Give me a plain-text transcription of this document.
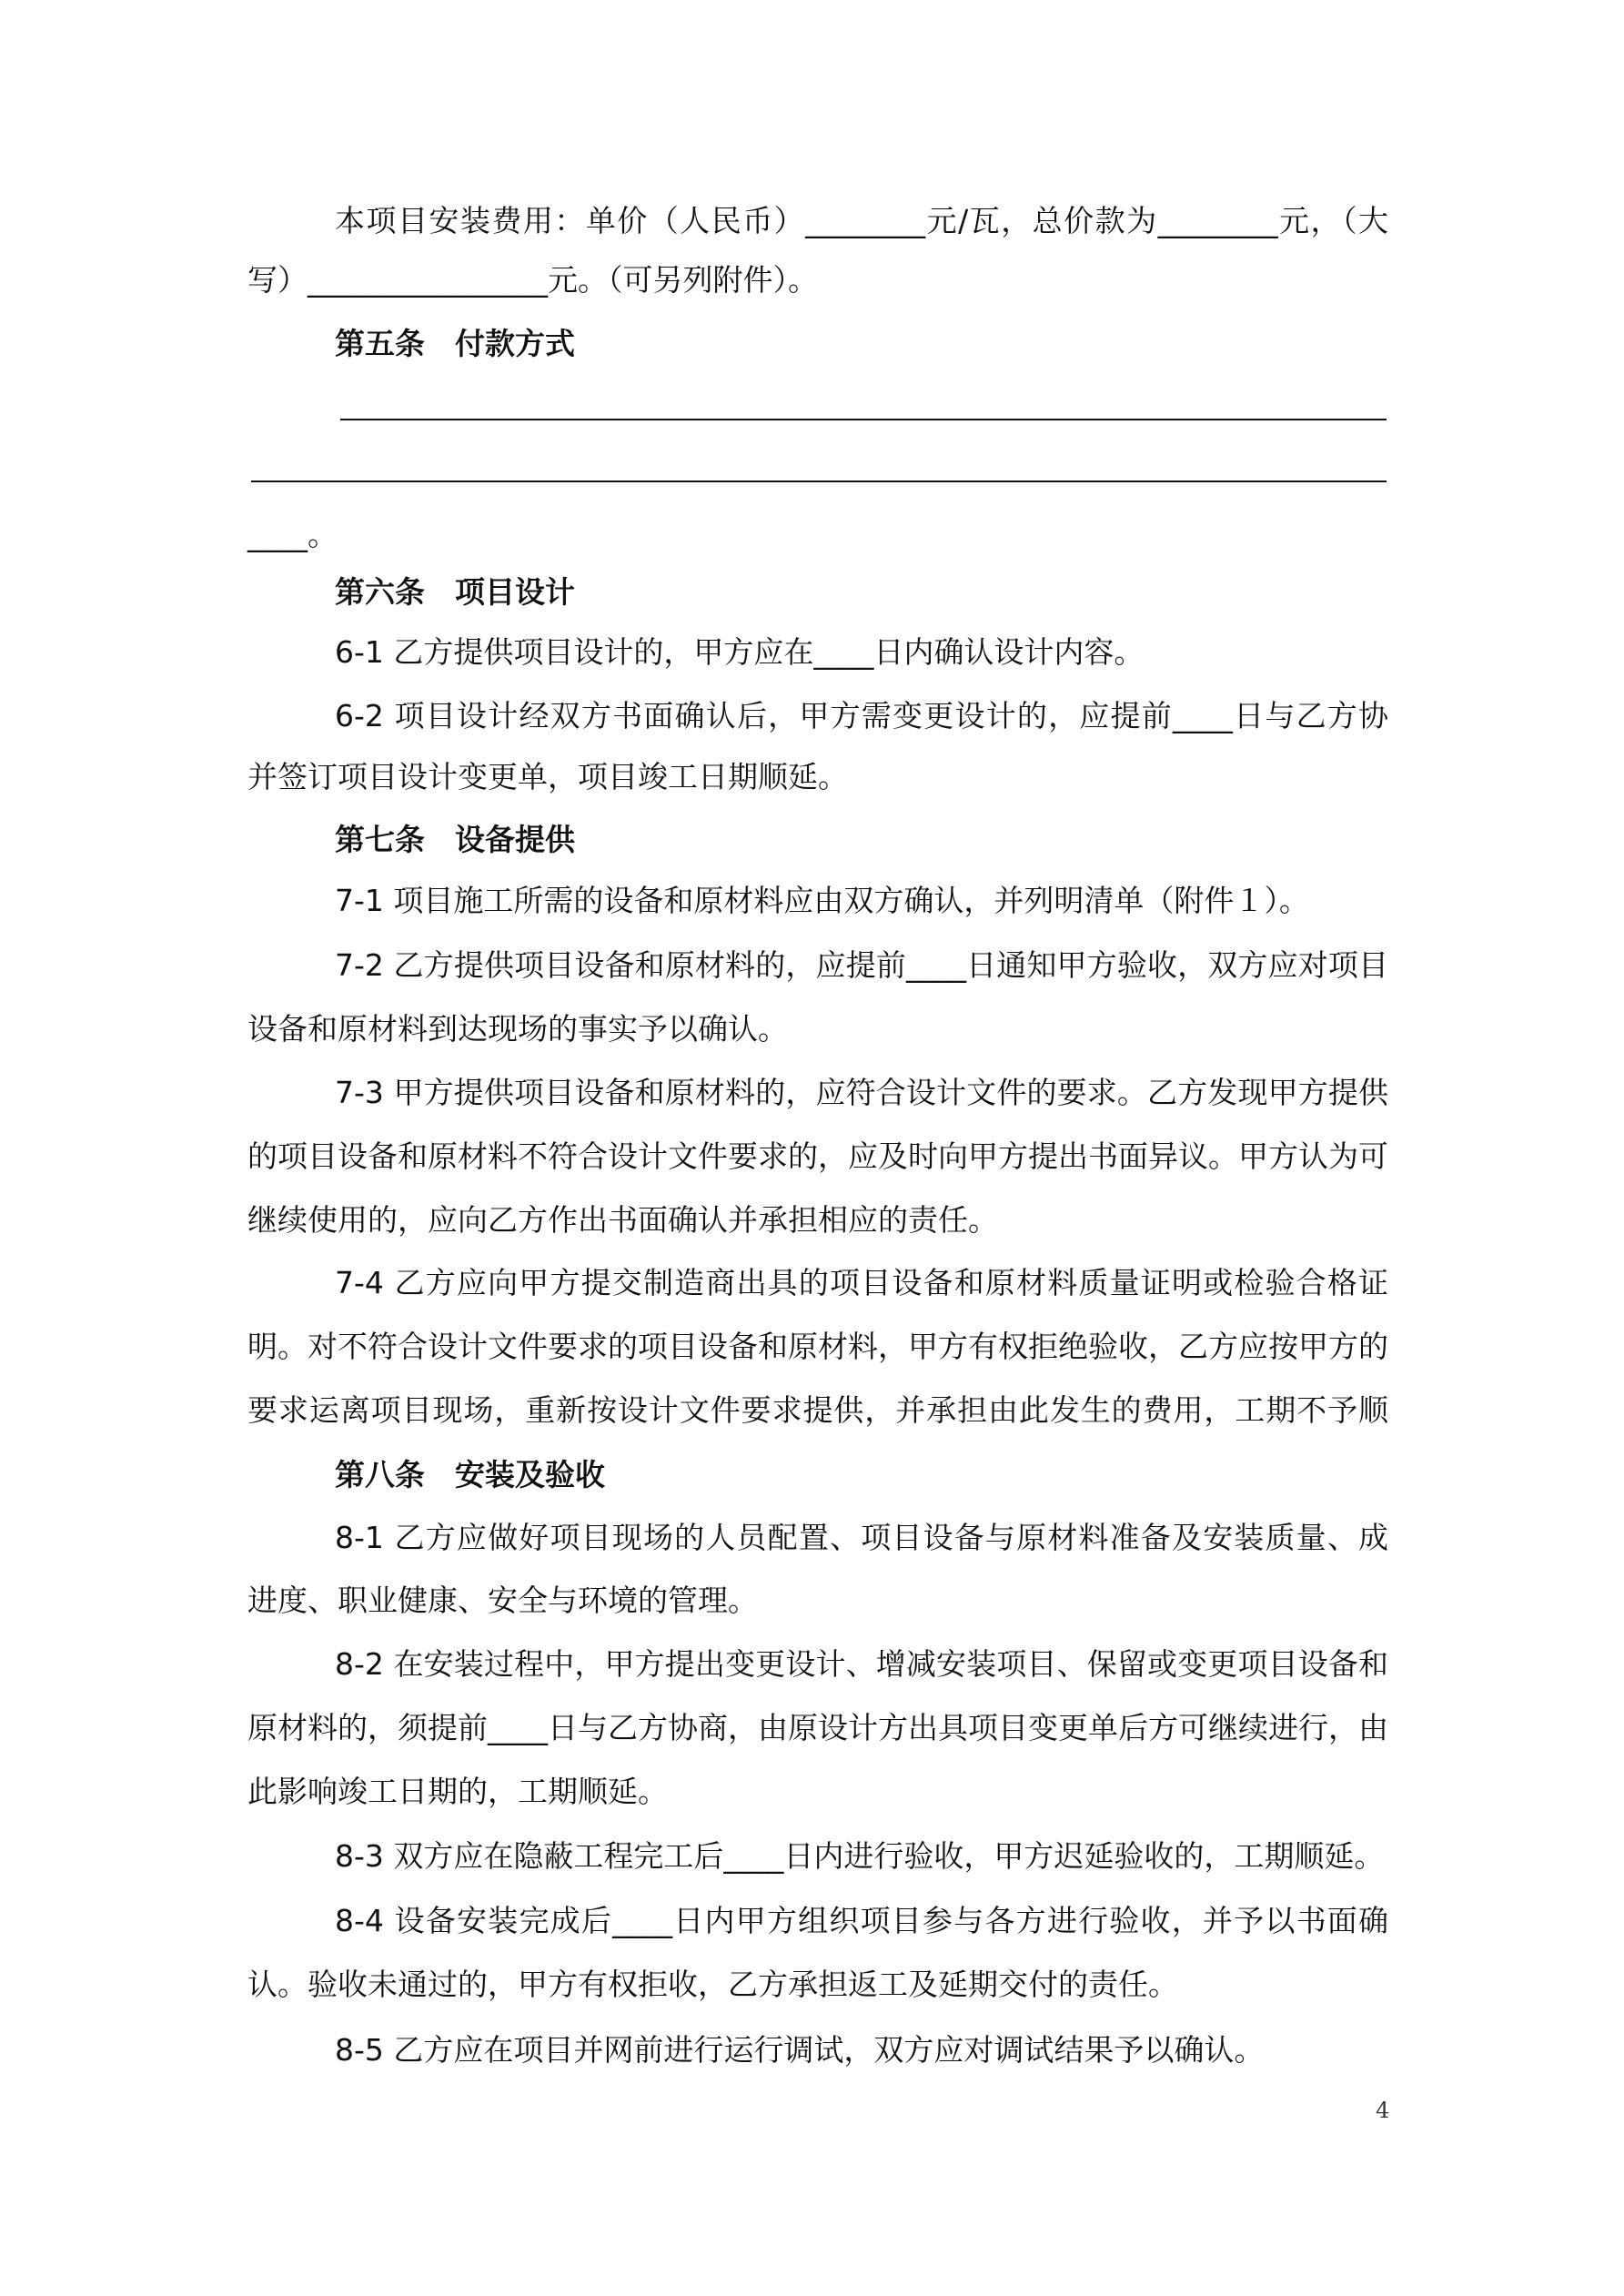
本项目安装费用：单价（人民币）________元/瓦，总价款为________元，（大
写）________________元。（可另列附件）。
第五条　付款方式
____。
第六条　项目设计
6-1 乙方提供项目设计的，甲方应在____日内确认设计内容。
6-2 项目设计经双方书面确认后，甲方需变更设计的，应提前____日与乙方协
并签订项目设计变更单，项目竣工日期顺延。
第七条　设备提供
7-1 项目施工所需的设备和原材料应由双方确认，并列明清单（附件１）。
7-2 乙方提供项目设备和原材料的，应提前____日通知甲方验收，双方应对项目
设备和原材料到达现场的事实予以确认。
7-3 甲方提供项目设备和原材料的，应符合设计文件的要求。乙方发现甲方提供
的项目设备和原材料不符合设计文件要求的，应及时向甲方提出书面异议。甲方认为可
继续使用的，应向乙方作出书面确认并承担相应的责任。
7-4 乙方应向甲方提交制造商出具的项目设备和原材料质量证明或检验合格证
明。对不符合设计文件要求的项目设备和原材料，甲方有权拒绝验收，乙方应按甲方的
要求运离项目现场，重新按设计文件要求提供，并承担由此发生的费用，工期不予顺
第八条　安装及验收
8-1 乙方应做好项目现场的人员配置、项目设备与原材料准备及安装质量、成
进度、职业健康、安全与环境的管理。
8-2 在安装过程中，甲方提出变更设计、增减安装项目、保留或变更项目设备和
原材料的，须提前____日与乙方协商，由原设计方出具项目变更单后方可继续进行，由
此影响竣工日期的，工期顺延。
8-3 双方应在隐蔽工程完工后____日内进行验收，甲方迟延验收的，工期顺延。
8-4 设备安装完成后____日内甲方组织项目参与各方进行验收，并予以书面确
认。验收未通过的，甲方有权拒收，乙方承担返工及延期交付的责任。
8-5 乙方应在项目并网前进行运行调试，双方应对调试结果予以确认。
4
